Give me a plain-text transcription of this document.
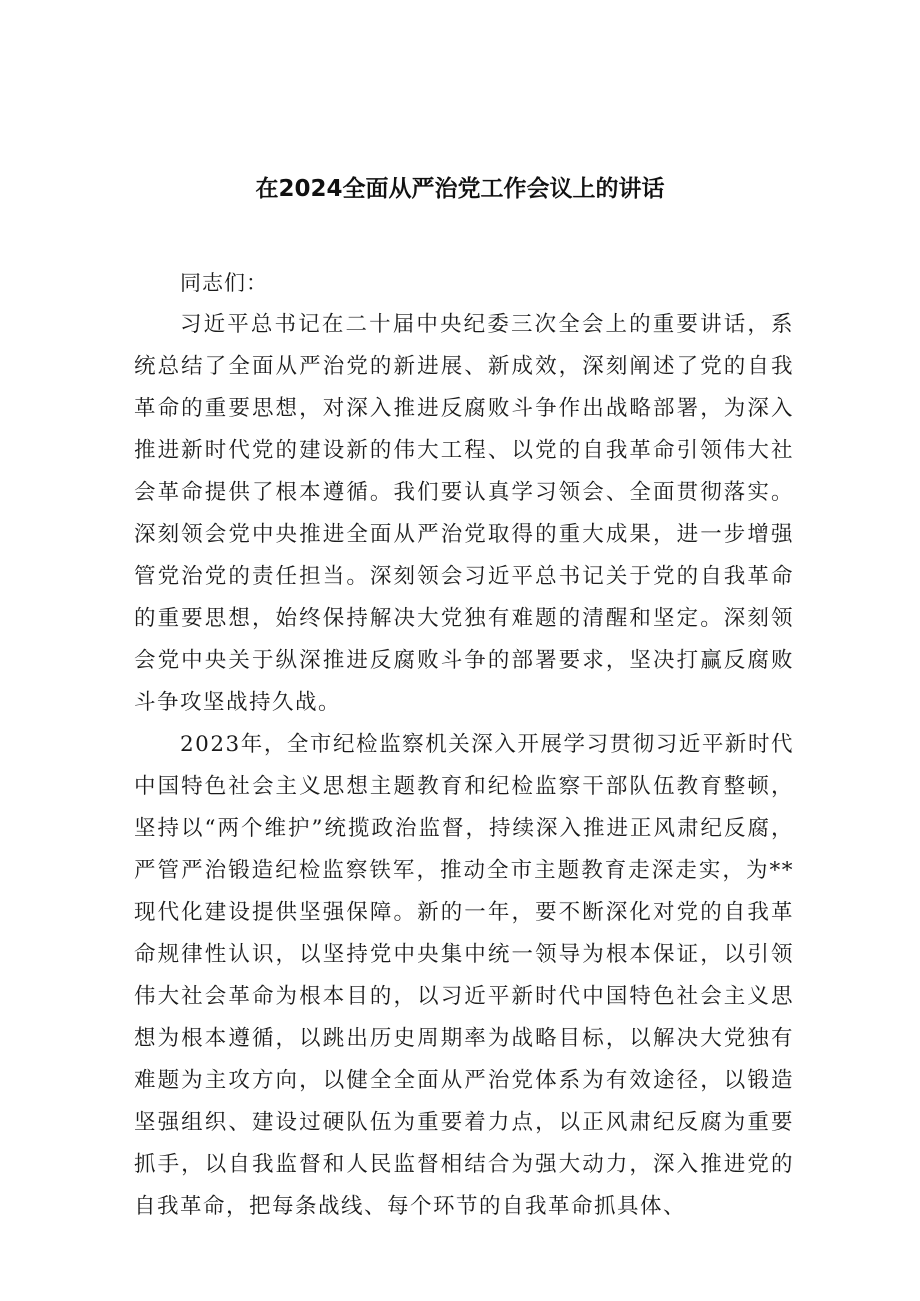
在2024全面从严治党工作会议上的讲话

同志们：

习近平总书记在二十届中央纪委三次全会上的重要讲话，系统总结了全面从严治党的新进展、新成效，深刻阐述了党的自我革命的重要思想，对深入推进反腐败斗争作出战略部署，为深入推进新时代党的建设新的伟大工程、以党的自我革命引领伟大社会革命提供了根本遵循。我们要认真学习领会、全面贯彻落实。深刻领会党中央推进全面从严治党取得的重大成果，进一步增强管党治党的责任担当。深刻领会习近平总书记关于党的自我革命的重要思想，始终保持解决大党独有难题的清醒和坚定。深刻领会党中央关于纵深推进反腐败斗争的部署要求，坚决打赢反腐败斗争攻坚战持久战。

2023年，全市纪检监察机关深入开展学习贯彻习近平新时代中国特色社会主义思想主题教育和纪检监察干部队伍教育整顿，坚持以“两个维护”统揽政治监督，持续深入推进正风肃纪反腐，严管严治锻造纪检监察铁军，推动全市主题教育走深走实，为**现代化建设提供坚强保障。新的一年，要不断深化对党的自我革命规律性认识，以坚持党中央集中统一领导为根本保证，以引领伟大社会革命为根本目的，以习近平新时代中国特色社会主义思想为根本遵循，以跳出历史周期率为战略目标，以解决大党独有难题为主攻方向，以健全全面从严治党体系为有效途径，以锻造坚强组织、建设过硬队伍为重要着力点，以正风肃纪反腐为重要抓手，以自我监督和人民监督相结合为强大动力，深入推进党的自我革命，把每条战线、每个环节的自我革命抓具体、
